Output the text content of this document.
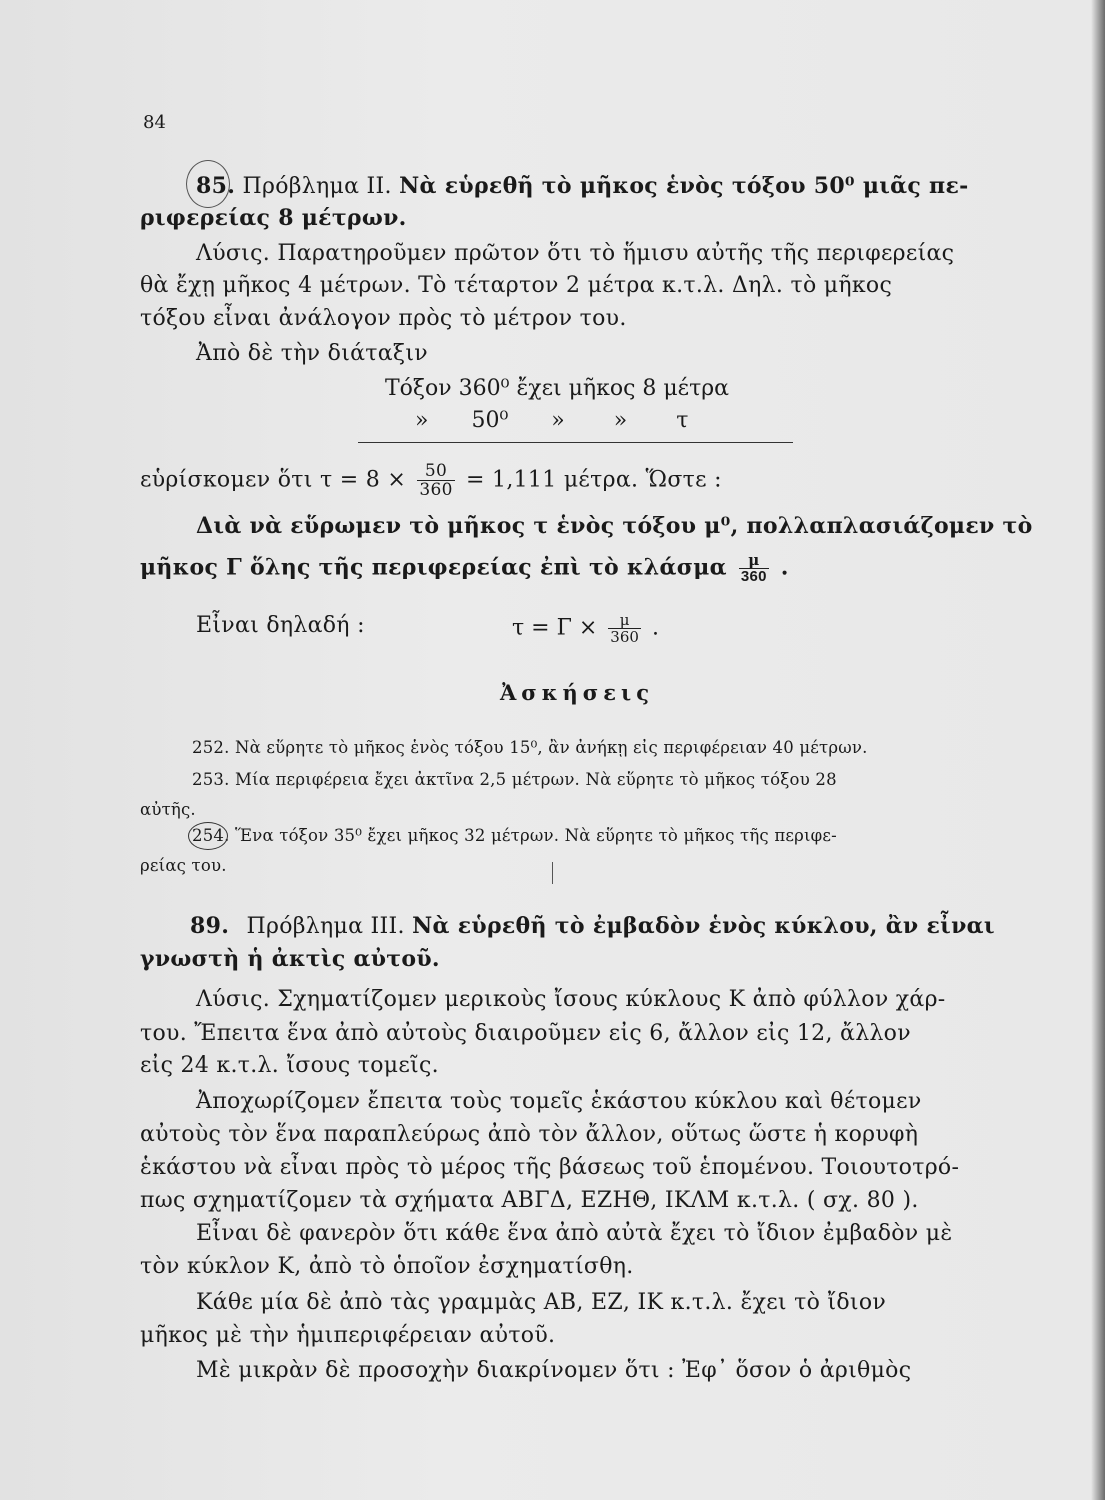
84
85. Πρόβλημα ΙΙ. Νὰ εὑρεθῆ τὸ μῆκος ἑνὸς τόξου 50⁰ μιᾶς πε-
ριφερείας 8 μέτρων.
Λύσις. Παρατηροῦμεν πρῶτον ὅτι τὸ ἥμισυ αὐτῆς τῆς περιφερείας
θὰ ἔχῃ μῆκος 4 μέτρων. Τὸ τέταρτον 2 μέτρα κ.τ.λ. Δηλ. τὸ μῆκος
τόξου εἶναι ἀνάλογον πρὸς τὸ μέτρον του.
Ἀπὸ δὲ τὴν διάταξιν
Τόξον 360⁰ ἔχει μῆκος 8 μέτρα
» 50⁰ » » τ
εὑρίσκομεν ὅτι $\tau = 8 \times \frac{50}{360} = 1,111$ μέτρα. Ὥστε :
Διὰ νὰ εὕρωμεν τὸ μῆκος τ ἑνὸς τόξου μ⁰, πολλαπλασιάζομεν τὸ
μῆκος Γ ὅλης τῆς περιφερείας ἐπὶ τὸ κλάσμα $\frac{\mu}{360}$ .
Εἶναι δηλαδή :	$\tau = \Gamma \times \frac{\mu}{360}$ .
Ἀσκήσεις
252. Νὰ εὕρητε τὸ μῆκος ἑνὸς τόξου 15⁰, ἂν ἀνήκῃ εἰς περιφέρειαν 40 μέτρων.
253. Μία περιφέρεια ἔχει ἀκτῖνα 2,5 μέτρων. Νὰ εὕρητε τὸ μῆκος τόξου 28
αὐτῆς.
254. Ἕνα τόξον 35⁰ ἔχει μῆκος 32 μέτρων. Νὰ εὕρητε τὸ μῆκος τῆς περιφε-
ρείας του.
89. Πρόβλημα ΙΙΙ. Νὰ εὑρεθῆ τὸ ἐμβαδὸν ἑνὸς κύκλου, ἂν εἶναι
γνωστὴ ἡ ἀκτὶς αὐτοῦ.
Λύσις. Σχηματίζομεν μερικοὺς ἴσους κύκλους Κ ἀπὸ φύλλον χάρ-
του. Ἔπειτα ἕνα ἀπὸ αὐτοὺς διαιροῦμεν εἰς 6, ἄλλον εἰς 12, ἄλλον
εἰς 24 κ.τ.λ. ἴσους τομεῖς.
Ἀποχωρίζομεν ἔπειτα τοὺς τομεῖς ἑκάστου κύκλου καὶ θέτομεν
αὐτοὺς τὸν ἕνα παραπλεύρως ἀπὸ τὸν ἄλλον, οὕτως ὥστε ἡ κορυφὴ
ἑκάστου νὰ εἶναι πρὸς τὸ μέρος τῆς βάσεως τοῦ ἑπομένου. Τοιουτοτρό-
πως σχηματίζομεν τὰ σχήματα ΑΒΓΔ, ΕΖΗΘ, ΙΚΛΜ κ.τ.λ. ( σχ. 80 ).
Εἶναι δὲ φανερὸν ὅτι κάθε ἕνα ἀπὸ αὐτὰ ἔχει τὸ ἴδιον ἐμβαδὸν μὲ
τὸν κύκλον Κ, ἀπὸ τὸ ὁποῖον ἐσχηματίσθη.
Κάθε μία δὲ ἀπὸ τὰς γραμμὰς ΑΒ, ΕΖ, ΙΚ κ.τ.λ. ἔχει τὸ ἴδιον
μῆκος μὲ τὴν ἡμιπεριφέρειαν αὐτοῦ.
Μὲ μικρὰν δὲ προσοχὴν διακρίνομεν ὅτι : Ἐφ᾽ ὅσον ὁ ἀριθμὸς
